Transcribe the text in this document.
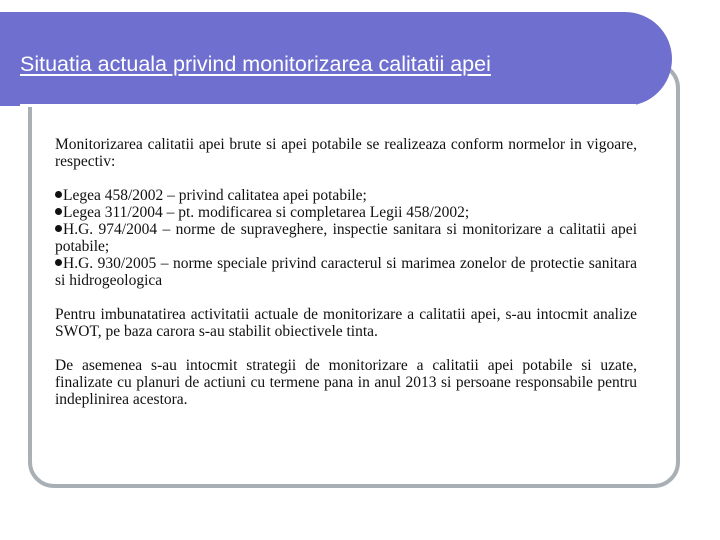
Situatia actuala privind monitorizarea calitatii apei

Monitorizarea calitatii apei brute si apei potabile se realizeaza conform normelor in vigoare, respectiv:

Legea 458/2002 – privind calitatea apei potabile;
Legea 311/2004 – pt. modificarea si completarea Legii 458/2002;
H.G. 974/2004 – norme de supraveghere, inspectie sanitara si monitorizare a calitatii apei potabile;
H.G. 930/2005 – norme speciale privind caracterul si marimea zonelor de protectie sanitara si hidrogeologica

Pentru imbunatatirea activitatii actuale de monitorizare a calitatii apei, s-au intocmit analize SWOT, pe baza carora s-au stabilit obiectivele tinta.

De asemenea s-au intocmit strategii de monitorizare a calitatii apei potabile si uzate, finalizate cu planuri de actiuni cu termene pana in anul 2013 si persoane responsabile pentru indeplinirea acestora.
